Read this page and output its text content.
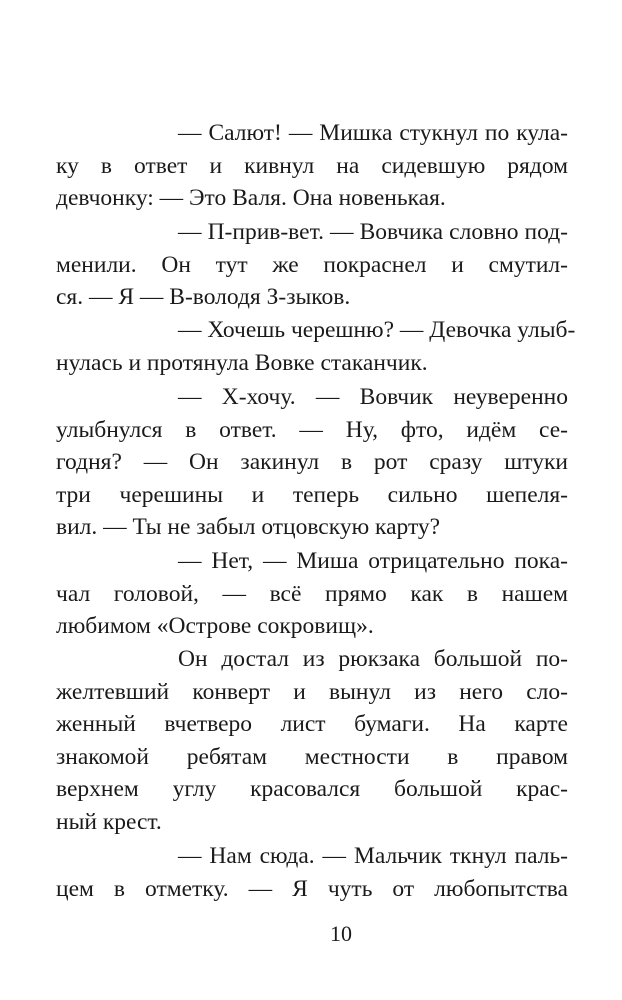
— Салют! — Мишка стукнул по кула-
ку в ответ и кивнул на сидевшую рядом
девчонку: — Это Валя. Она новенькая.

— П-прив-вет. — Вовчика словно под-
менили. Он тут же покраснел и смутил-
ся. — Я — В-володя З-зыков.

— Хочешь черешню? — Девочка улыб-
нулась и протянула Вовке стаканчик.

— Х-хочу. — Вовчик неуверенно
улыбнулся в ответ. — Ну, фто, идём се-
годня? — Он закинул в рот сразу штуки
три черешины и теперь сильно шепеля-
вил. — Ты не забыл отцовскую карту?

— Нет, — Миша отрицательно пока-
чал головой, — всё прямо как в нашем
любимом «Острове сокровищ».

Он достал из рюкзака большой по-
желтевший конверт и вынул из него сло-
женный вчетверо лист бумаги. На карте
знакомой ребятам местности в правом
верхнем углу красовался большой крас-
ный крест.

— Нам сюда. — Мальчик ткнул паль-
цем в отметку. — Я чуть от любопытства

10
